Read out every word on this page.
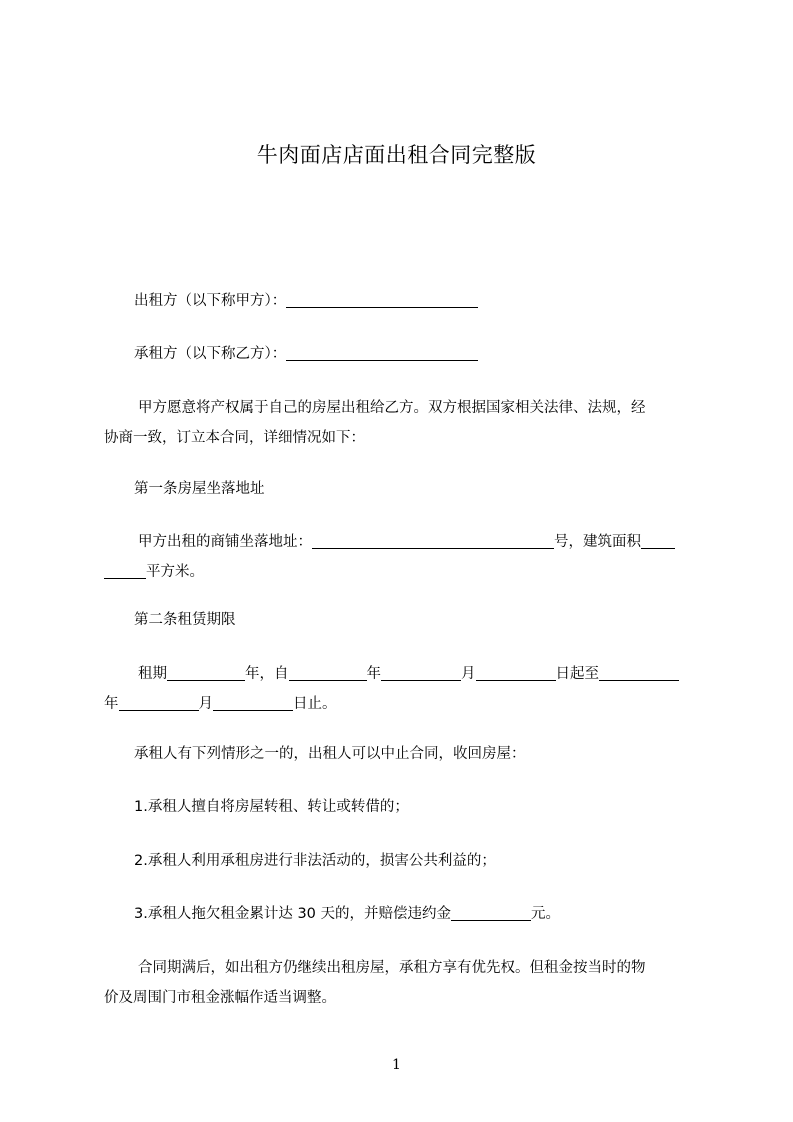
牛肉面店店面出租合同完整版
出租方（以下称甲方）：
承租方（以下称乙方）：
甲方愿意将产权属于自己的房屋出租给乙方。双方根据国家相关法律、法规，经
协商一致，订立本合同，详细情况如下：
第一条房屋坐落地址
甲方出租的商铺坐落地址：	号，建筑面积
平方米。
第二条租赁期限
租期	年，自	年	月	日起至
年	月	日止。
承租人有下列情形之一的，出租人可以中止合同，收回房屋：
1.承租人擅自将房屋转租、转让或转借的；
2.承租人利用承租房进行非法活动的，损害公共利益的；
3.承租人拖欠租金累计达 30 天的，并赔偿违约金	元。
合同期满后，如出租方仍继续出租房屋，承租方享有优先权。但租金按当时的物
价及周围门市租金涨幅作适当调整。
1
